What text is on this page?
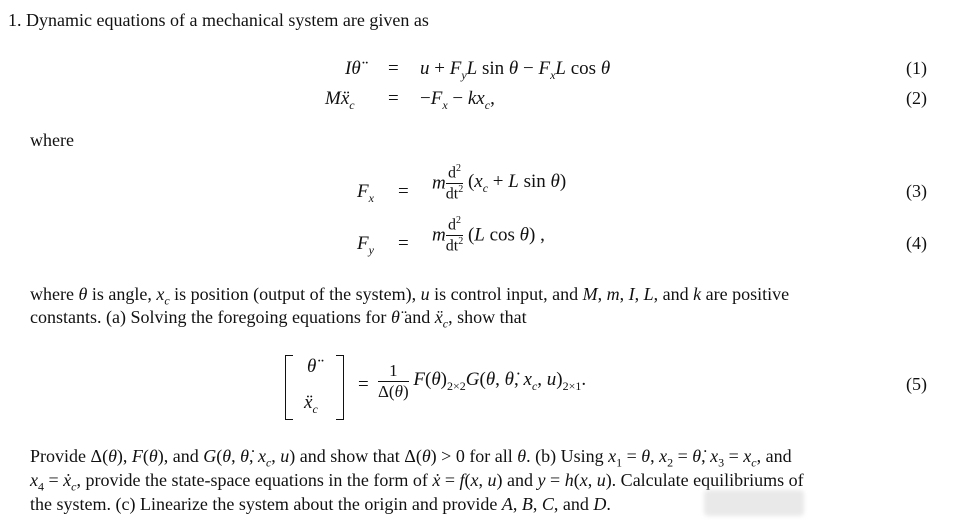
1. Dynamic equations of a mechanical system are given as
Iθ̈ = $u + F_yL$ $\sin \theta - F_xL$ cos θ	(1)
Mẍ$_c$ = $-F_x - kx_c$,	(2)
where
$F_x = m \frac{d^2}{dt^2} (x_c + L$ sin θ)	(3)
$F_y = m \frac{d^2}{dt^2} (L$ cos θ) ,	(4)
where θ is angle, $x_c$ is position (output of the system), u is control input, and M, m, I, L, and k are positive
constants. (a) Solving the foregoing equations for θ̈ and ẍ$_c$, show that
θ̈
ẍ$_c$
= $\frac{1}{\Delta(\theta)} F(\theta)_{2\times 2}G(\theta$, θ̇, $x_c$, $u)_{2\times 1}$.	(5)
Provide Δ(θ), F(θ), and G(θ, θ̇, $x_c$, u) and show that Δ(θ) > 0 for all θ. (b) Using $x_1 = \theta$, $x_2$ = θ̇, $x_3 = x_c$, and
$x_4$ = ẋ$_c$, provide the state-space equations in the form of ẋ = f(x, u) and y = h(x, u). Calculate equilibriums of
the system. (c) Linearize the system about the origin and provide A, B, C, and D.
